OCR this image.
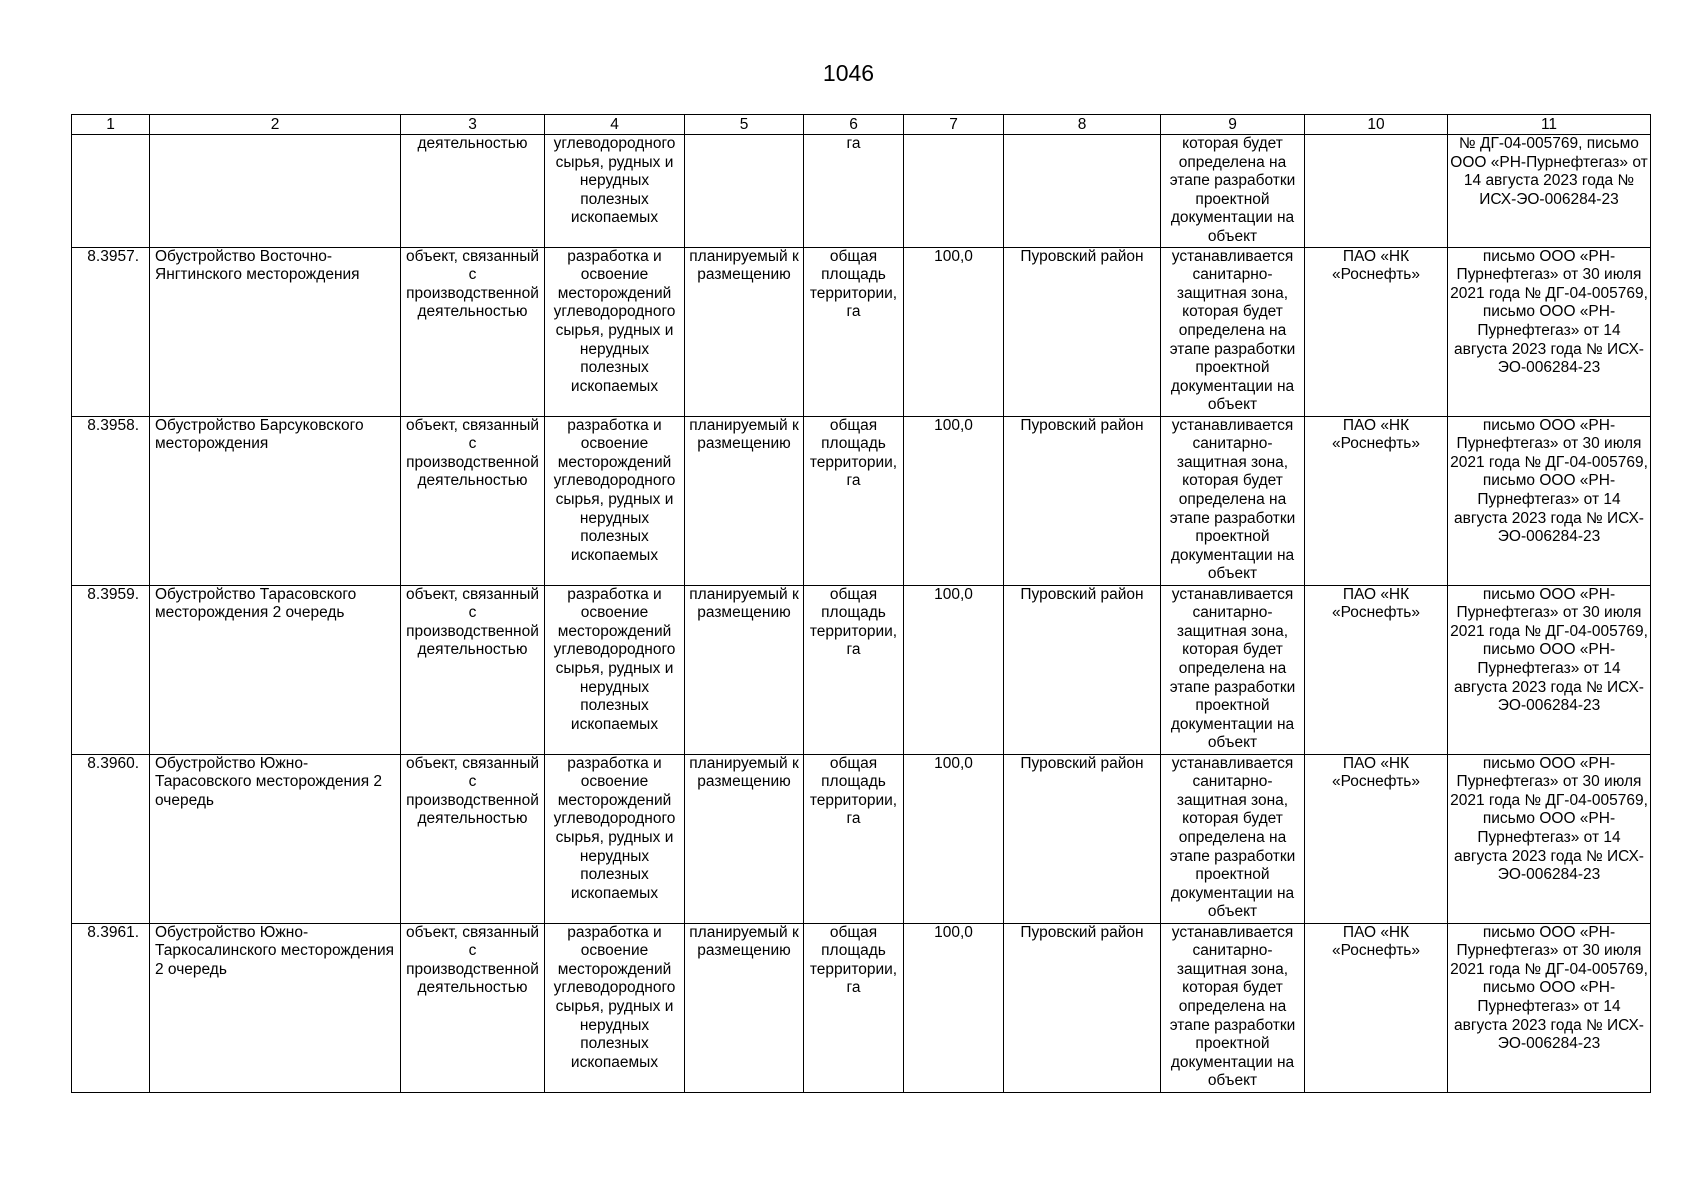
1046
1	2	3	4	5	6	7	8	9	10	11
		деятельностью	углеводородного сырья, рудных и нерудных полезных ископаемых		га			которая будет определена на этапе разработки проектной документации на объект		№ ДГ-04-005769, письмо ООО «РН-Пурнефтегаз» от 14 августа 2023 года № ИСХ-ЭО-006284-23
8.3957.	Обустройство Восточно-Янгтинского месторождения	объект, связанный с производственной деятельностью	разработка и освоение месторождений углеводородного сырья, рудных и нерудных полезных ископаемых	планируемый к размещению	общая площадь территории, га	100,0	Пуровский район	устанавливается санитарно-защитная зона, которая будет определена на этапе разработки проектной документации на объект	ПАО «НК «Роснефть»	письмо ООО «РН-Пурнефтегаз» от 30 июля 2021 года № ДГ-04-005769, письмо ООО «РН-Пурнефтегаз» от 14 августа 2023 года № ИСХ-ЭО-006284-23
8.3958.	Обустройство Барсуковского месторождения	объект, связанный с производственной деятельностью	разработка и освоение месторождений углеводородного сырья, рудных и нерудных полезных ископаемых	планируемый к размещению	общая площадь территории, га	100,0	Пуровский район	устанавливается санитарно-защитная зона, которая будет определена на этапе разработки проектной документации на объект	ПАО «НК «Роснефть»	письмо ООО «РН-Пурнефтегаз» от 30 июля 2021 года № ДГ-04-005769, письмо ООО «РН-Пурнефтегаз» от 14 августа 2023 года № ИСХ-ЭО-006284-23
8.3959.	Обустройство Тарасовского месторождения 2 очередь	объект, связанный с производственной деятельностью	разработка и освоение месторождений углеводородного сырья, рудных и нерудных полезных ископаемых	планируемый к размещению	общая площадь территории, га	100,0	Пуровский район	устанавливается санитарно-защитная зона, которая будет определена на этапе разработки проектной документации на объект	ПАО «НК «Роснефть»	письмо ООО «РН-Пурнефтегаз» от 30 июля 2021 года № ДГ-04-005769, письмо ООО «РН-Пурнефтегаз» от 14 августа 2023 года № ИСХ-ЭО-006284-23
8.3960.	Обустройство Южно-Тарасовского месторождения 2 очередь	объект, связанный с производственной деятельностью	разработка и освоение месторождений углеводородного сырья, рудных и нерудных полезных ископаемых	планируемый к размещению	общая площадь территории, га	100,0	Пуровский район	устанавливается санитарно-защитная зона, которая будет определена на этапе разработки проектной документации на объект	ПАО «НК «Роснефть»	письмо ООО «РН-Пурнефтегаз» от 30 июля 2021 года № ДГ-04-005769, письмо ООО «РН-Пурнефтегаз» от 14 августа 2023 года № ИСХ-ЭО-006284-23
8.3961.	Обустройство Южно-Таркосалинского месторождения 2 очередь	объект, связанный с производственной деятельностью	разработка и освоение месторождений углеводородного сырья, рудных и нерудных полезных ископаемых	планируемый к размещению	общая площадь территории, га	100,0	Пуровский район	устанавливается санитарно-защитная зона, которая будет определена на этапе разработки проектной документации на объект	ПАО «НК «Роснефть»	письмо ООО «РН-Пурнефтегаз» от 30 июля 2021 года № ДГ-04-005769, письмо ООО «РН-Пурнефтегаз» от 14 августа 2023 года № ИСХ-ЭО-006284-23
